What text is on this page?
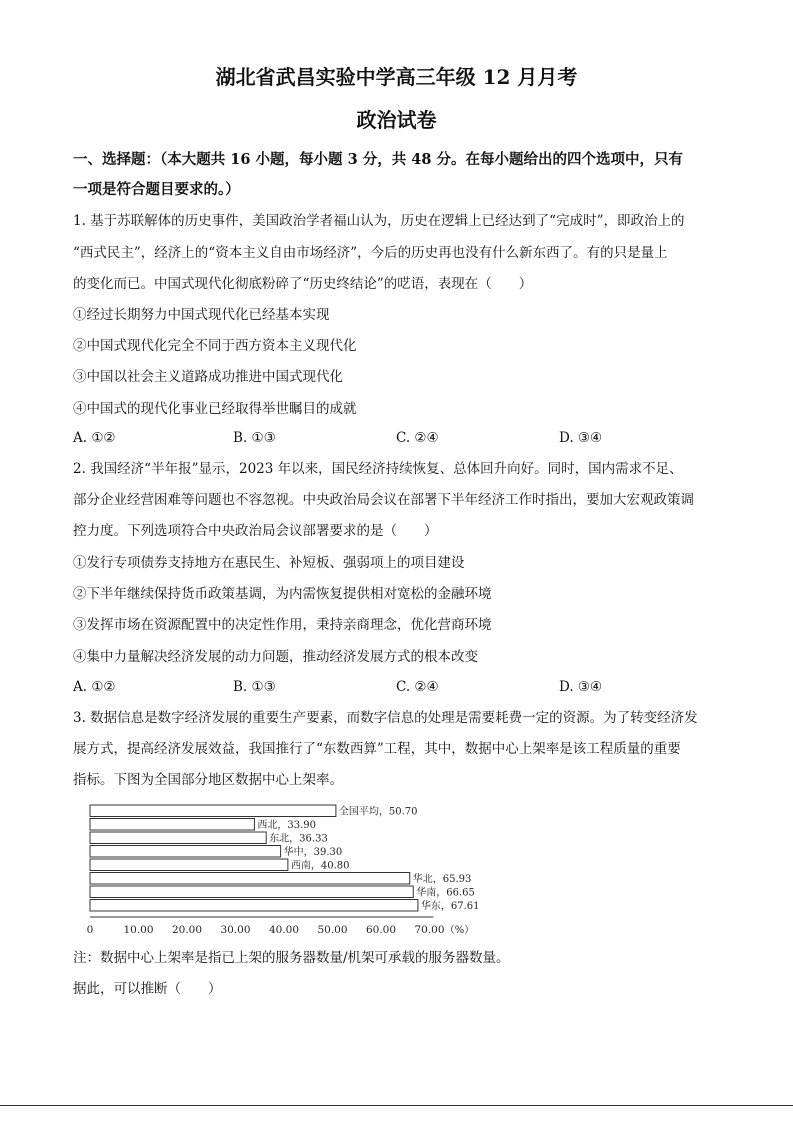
湖北省武昌实验中学高三年级 12 月月考
政治试卷
一、选择题：（本大题共 16 小题，每小题 3 分，共 48 分。在每小题给出的四个选项中，只有
一项是符合题目要求的。）
1. 基于苏联解体的历史事件，美国政治学者福山认为，历史在逻辑上已经达到了“完成时”，即政治上的
“西式民主”，经济上的“资本主义自由市场经济”，今后的历史再也没有什么新东西了。有的只是量上
的变化而已。中国式现代化彻底粉碎了“历史终结论”的呓语，表现在（　　）
①经过长期努力中国式现代化已经基本实现
②中国式现代化完全不同于西方资本主义现代化
③中国以社会主义道路成功推进中国式现代化
④中国式的现代化事业已经取得举世瞩目的成就
A. ①②	B. ①③	C. ②④	D. ③④
2. 我国经济“半年报”显示，2023 年以来，国民经济持续恢复、总体回升向好。同时，国内需求不足、
部分企业经营困难等问题也不容忽视。中央政治局会议在部署下半年经济工作时指出，要加大宏观政策调
控力度。下列选项符合中央政治局会议部署要求的是（　　）
①发行专项债券支持地方在惠民生、补短板、强弱项上的项目建设
②下半年继续保持货币政策基调，为内需恢复提供相对宽松的金融环境
③发挥市场在资源配置中的决定性作用，秉持亲商理念，优化营商环境
④集中力量解决经济发展的动力问题，推动经济发展方式的根本改变
A. ①②	B. ①③	C. ②④	D. ③④
3. 数据信息是数字经济发展的重要生产要素，而数字信息的处理是需要耗费一定的资源。为了转变经济发
展方式，提高经济发展效益，我国推行了“东数西算”工程，其中，数据中心上架率是该工程质量的重要
指标。下图为全国部分地区数据中心上架率。
全国平均，50.70
西北，33.90
东北，36.33
华中，39.30
西南，40.80
华北，65.93
华南，66.65
华东，67.61
0	10.00 20.00 30.00 40.00 50.00 60.00 70.00 （%）
注：数据中心上架率是指已上架的服务器数量/机架可承载的服务器数量。
据此，可以推断（　　）
